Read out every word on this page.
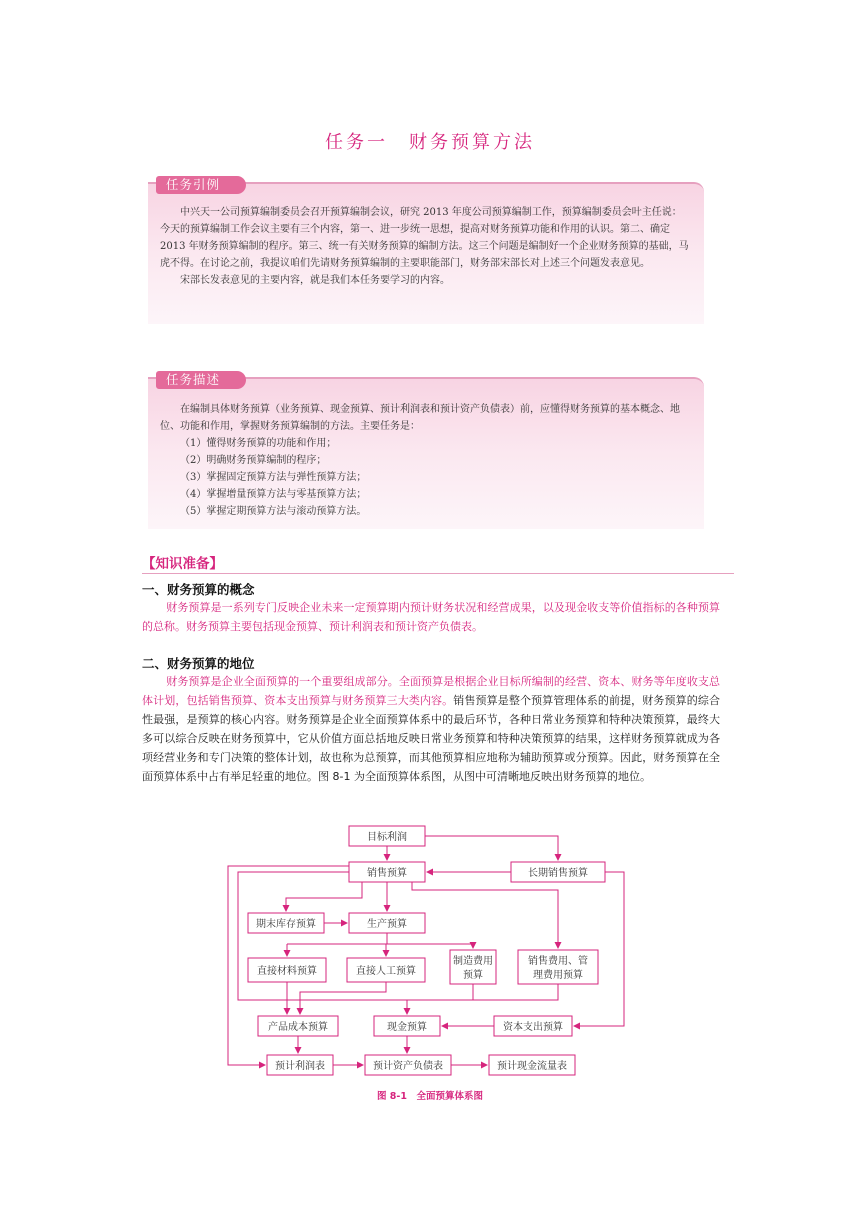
任务一　财务预算方法
任务引例

中兴天一公司预算编制委员会召开预算编制会议，研究 2013 年度公司预算编制工作，预算编制委员会叶主任说：今天的预算编制工作会议主要有三个内容，第一、进一步统一思想，提高对财务预算功能和作用的认识。第二、确定 2013 年财务预算编制的程序。第三、统一有关财务预算的编制方法。这三个问题是编制好一个企业财务预算的基础，马虎不得。在讨论之前，我提议咱们先请财务预算编制的主要职能部门，财务部宋部长对上述三个问题发表意见。

宋部长发表意见的主要内容，就是我们本任务要学习的内容。

任务描述

在编制具体财务预算（业务预算、现金预算、预计利润表和预计资产负债表）前，应懂得财务预算的基本概念、地位、功能和作用，掌握财务预算编制的方法。主要任务是：

（1）懂得财务预算的功能和作用；

（2）明确财务预算编制的程序；

（3）掌握固定预算方法与弹性预算方法；

（4）掌握增量预算方法与零基预算方法；

（5）掌握定期预算方法与滚动预算方法。

【知识准备】
一、财务预算的概念

财务预算是一系列专门反映企业未来一定预算期内预计财务状况和经营成果，以及现金收支等价值指标的各种预算的总称。财务预算主要包括现金预算、预计利润表和预计资产负债表。

二、财务预算的地位

财务预算是企业全面预算的一个重要组成部分。全面预算是根据企业目标所编制的经营、资本、财务等年度收支总体计划，包括销售预算、资本支出预算与财务预算三大类内容。销售预算是整个预算管理体系的前提，财务预算的综合性最强，是预算的核心内容。财务预算是企业全面预算体系中的最后环节，各种日常业务预算和特种决策预算，最终大多可以综合反映在财务预算中，它从价值方面总括地反映日常业务预算和特种决策预算的结果，这样财务预算就成为各项经营业务和专门决策的整体计划，故也称为总预算，而其他预算相应地称为辅助预算或分预算。因此，财务预算在全面预算体系中占有举足轻重的地位。图 8-1 为全面预算体系图，从图中可清晰地反映出财务预算的地位。

目标利润
销售预算	长期销售预算
期末库存预算	生产预算
直接材料预算	直接人工预算
制造费用
预算
销售费用、管
理费用预算
产品成本预算	现金预算	资本支出预算
预计利润表	预计资产负债表	预计现金流量表
图 8-1　全面预算体系图
